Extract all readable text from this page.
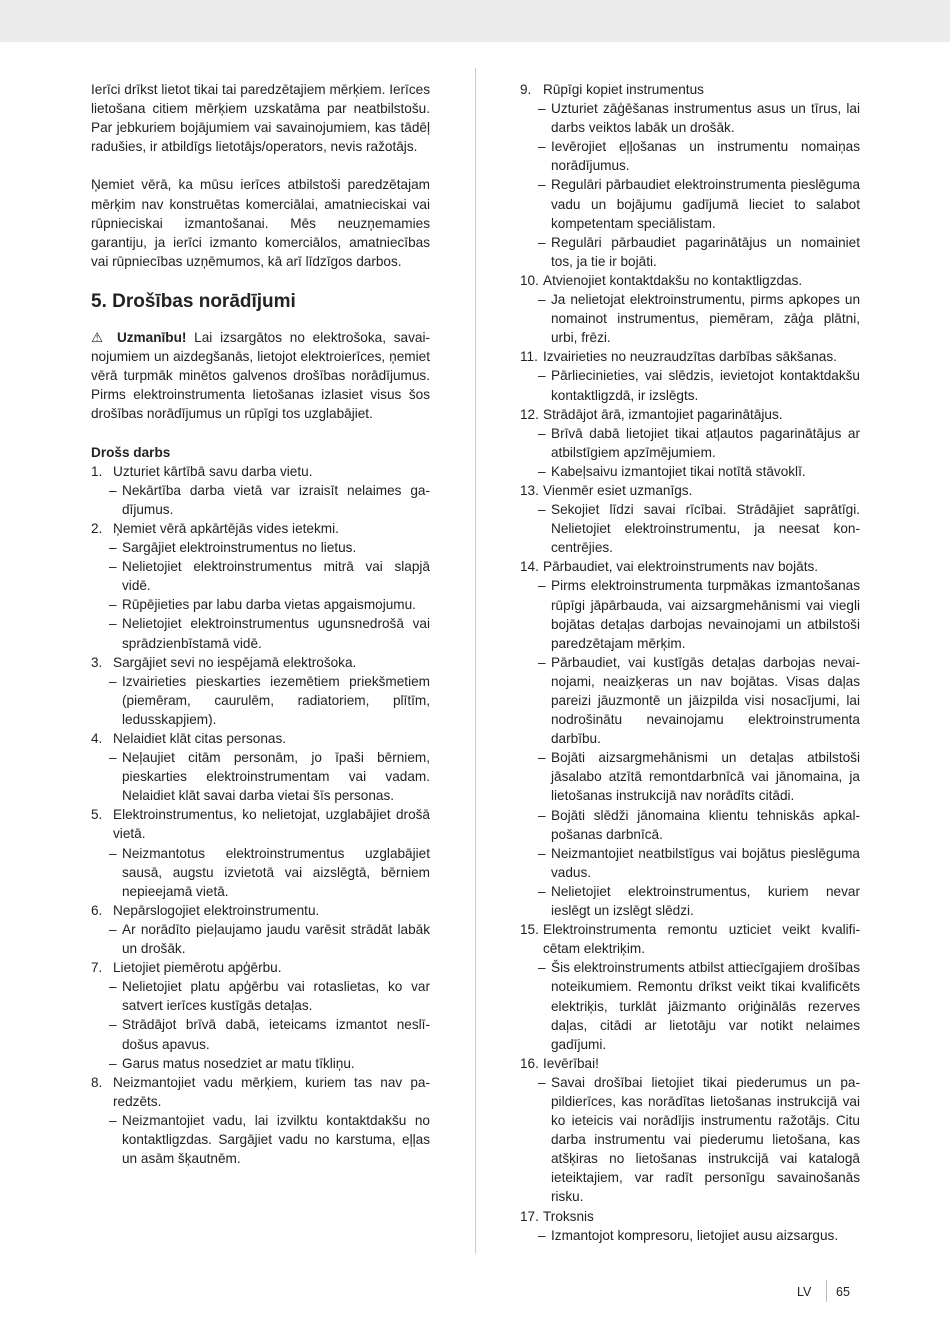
Ierīci drīkst lietot tikai tai paredzētajiem mērķiem. Ierīces lietošana citiem mērķiem uzskatāma par neatbilstošu. Par jebkuriem bojājumiem vai savainojumiem, kas tādēļ radušies, ir atbildīgs lietotājs/operators, nevis ražotājs.

Ņemiet vērā, ka mūsu ierīces atbilstoši paredzētajam mērķim nav konstruētas komerciālai, amatnieciskai vai rūpnieciskai izmantošanai. Mēs neuzņemamies garantiju, ja ierīci izmanto komerciālos, amatniecības vai rūpniecības uzņēmumos, kā arī līdzīgos darbos.

5. Drošības norādījumi

⚠ Uzmanību! Lai izsargātos no elektrošoka, savainojumiem un aizdegšanās, lietojot elektroierīces, ņemiet vērā turpmāk minētos galvenos drošības norādījumus. Pirms elektroinstrumenta lietošanas izlasiet visus šos drošības norādījumus un rūpīgi tos uzglabājiet.

Drošs darbs
1. Uzturiet kārtībā savu darba vietu.
– Nekārtība darba vietā var izraisīt nelaimes gadījumus.
2. Ņemiet vērā apkārtējās vides ietekmi.
– Sargājiet elektroinstrumentus no lietus.
– Nelietojiet elektroinstrumentus mitrā vai slapjā vidē.
– Rūpējieties par labu darba vietas apgaismojumu.
– Nelietojiet elektroinstrumentus ugunsnedrošā vai sprādzienbīstamā vidē.
3. Sargājiet sevi no iespējamā elektrošoka.
– Izvairieties pieskarties iezemētiem priekšmetiem (piemēram, caurulēm, radiatoriem, plītīm, ledusskapjiem).
4. Nelaidiet klāt citas personas.
– Neļaujiet citām personām, jo īpaši bērniem, pieskarties elektroinstrumentam vai vadam. Nelaidiet klāt savai darba vietai šīs personas.
5. Elektroinstrumentus, ko nelietojat, uzglabājiet drošā vietā.
– Neizmantotus elektroinstrumentus uzglabājiet sausā, augstu izvietotā vai aizslēgtā, bērniem nepieejamā vietā.
6. Nepārslogojiet elektroinstrumentu.
– Ar norādīto pieļaujamo jaudu varēsit strādāt labāk un drošāk.
7. Lietojiet piemērotu apģērbu.
– Nelietojiet platu apģērbu vai rotaslietas, ko var satvert ierīces kustīgās detaļas.
– Strādājot brīvā dabā, ieteicams izmantot neslīdošus apavus.
– Garus matus nosedziet ar matu tīkliņu.
8. Neizmantojiet vadu mērķiem, kuriem tas nav paredzēts.
– Neizmantojiet vadu, lai izvilktu kontaktdakšu no kontaktligzdas. Sargājiet vadu no karstuma, eļļas un asām šķautnēm.
9. Rūpīgi kopiet instrumentus
– Uzturiet zāģēšanas instrumentus asus un tīrus, lai darbs veiktos labāk un drošāk.
– Ievērojiet eļļošanas un instrumentu nomaiņas norādījumus.
– Regulāri pārbaudiet elektroinstrumenta pieslēguma vadu un bojājumu gadījumā lieciet to salabot kompetentam speciālistam.
– Regulāri pārbaudiet pagarinātājus un nomainiet tos, ja tie ir bojāti.
10. Atvienojiet kontaktdakšu no kontaktligzdas.
– Ja nelietojat elektroinstrumentu, pirms apkopes un nomainot instrumentus, piemēram, zāģa plātni, urbi, frēzi.
11. Izvairieties no neuzraudzītas darbības sākšanas.
– Pārliecinieties, vai slēdzis, ievietojot kontaktdakšu kontaktligzdā, ir izslēgts.
12. Strādājot ārā, izmantojiet pagarinātājus.
– Brīvā dabā lietojiet tikai atļautos pagarinātājus ar atbilstīgiem apzīmējumiem.
– Kabeļsaivu izmantojiet tikai notītā stāvoklī.
13. Vienmēr esiet uzmanīgs.
– Sekojiet līdzi savai rīcībai. Strādājiet saprātīgi. Nelietojiet elektroinstrumentu, ja neesat koncentrējies.
14. Pārbaudiet, vai elektroinstruments nav bojāts.
– Pirms elektroinstrumenta turpmākas izmantošanas rūpīgi jāpārbauda, vai aizsargmehānismi vai viegli bojātas detaļas darbojas nevainojami un atbilstoši paredzētajam mērķim.
– Pārbaudiet, vai kustīgās detaļas darbojas nevainojami, neaizķeras un nav bojātas. Visas daļas pareizi jāuzmontē un jāizpilda visi nosacījumi, lai nodrošinātu nevainojamu elektroinstrumenta darbību.
– Bojāti aizsargmehānismi un detaļas atbilstoši jāsalabo atzītā remontdarbnīcā vai jānomaina, ja lietošanas instrukcijā nav norādīts citādi.
– Bojāti slēdži jānomaina klientu tehniskās apkalpošanas darbnīcā.
– Neizmantojiet neatbilstīgus vai bojātus pieslēguma vadus.
– Nelietojiet elektroinstrumentus, kuriem nevar ieslēgt un izslēgt slēdzi.
15. Elektroinstrumenta remontu uzticiet veikt kvalificētam elektriķim.
– Šis elektroinstruments atbilst attiecīgajiem drošības noteikumiem. Remontu drīkst veikt tikai kvalificēts elektriķis, turklāt jāizmanto oriģinālās rezerves daļas, citādi ar lietotāju var notikt nelaimes gadījumi.
16. Ievērībai!
– Savai drošībai lietojiet tikai piederumus un papildierīces, kas norādītas lietošanas instrukcijā vai ko ieteicis vai norādījis instrumentu ražotājs. Citu darba instrumentu vai piederumu lietošana, kas atšķiras no lietošanas instrukcijā vai katalogā ieteiktajiem, var radīt personīgu savainošanās risku.
17. Troksnis
– Izmantojot kompresoru, lietojiet ausu aizsargus.
LV 65
